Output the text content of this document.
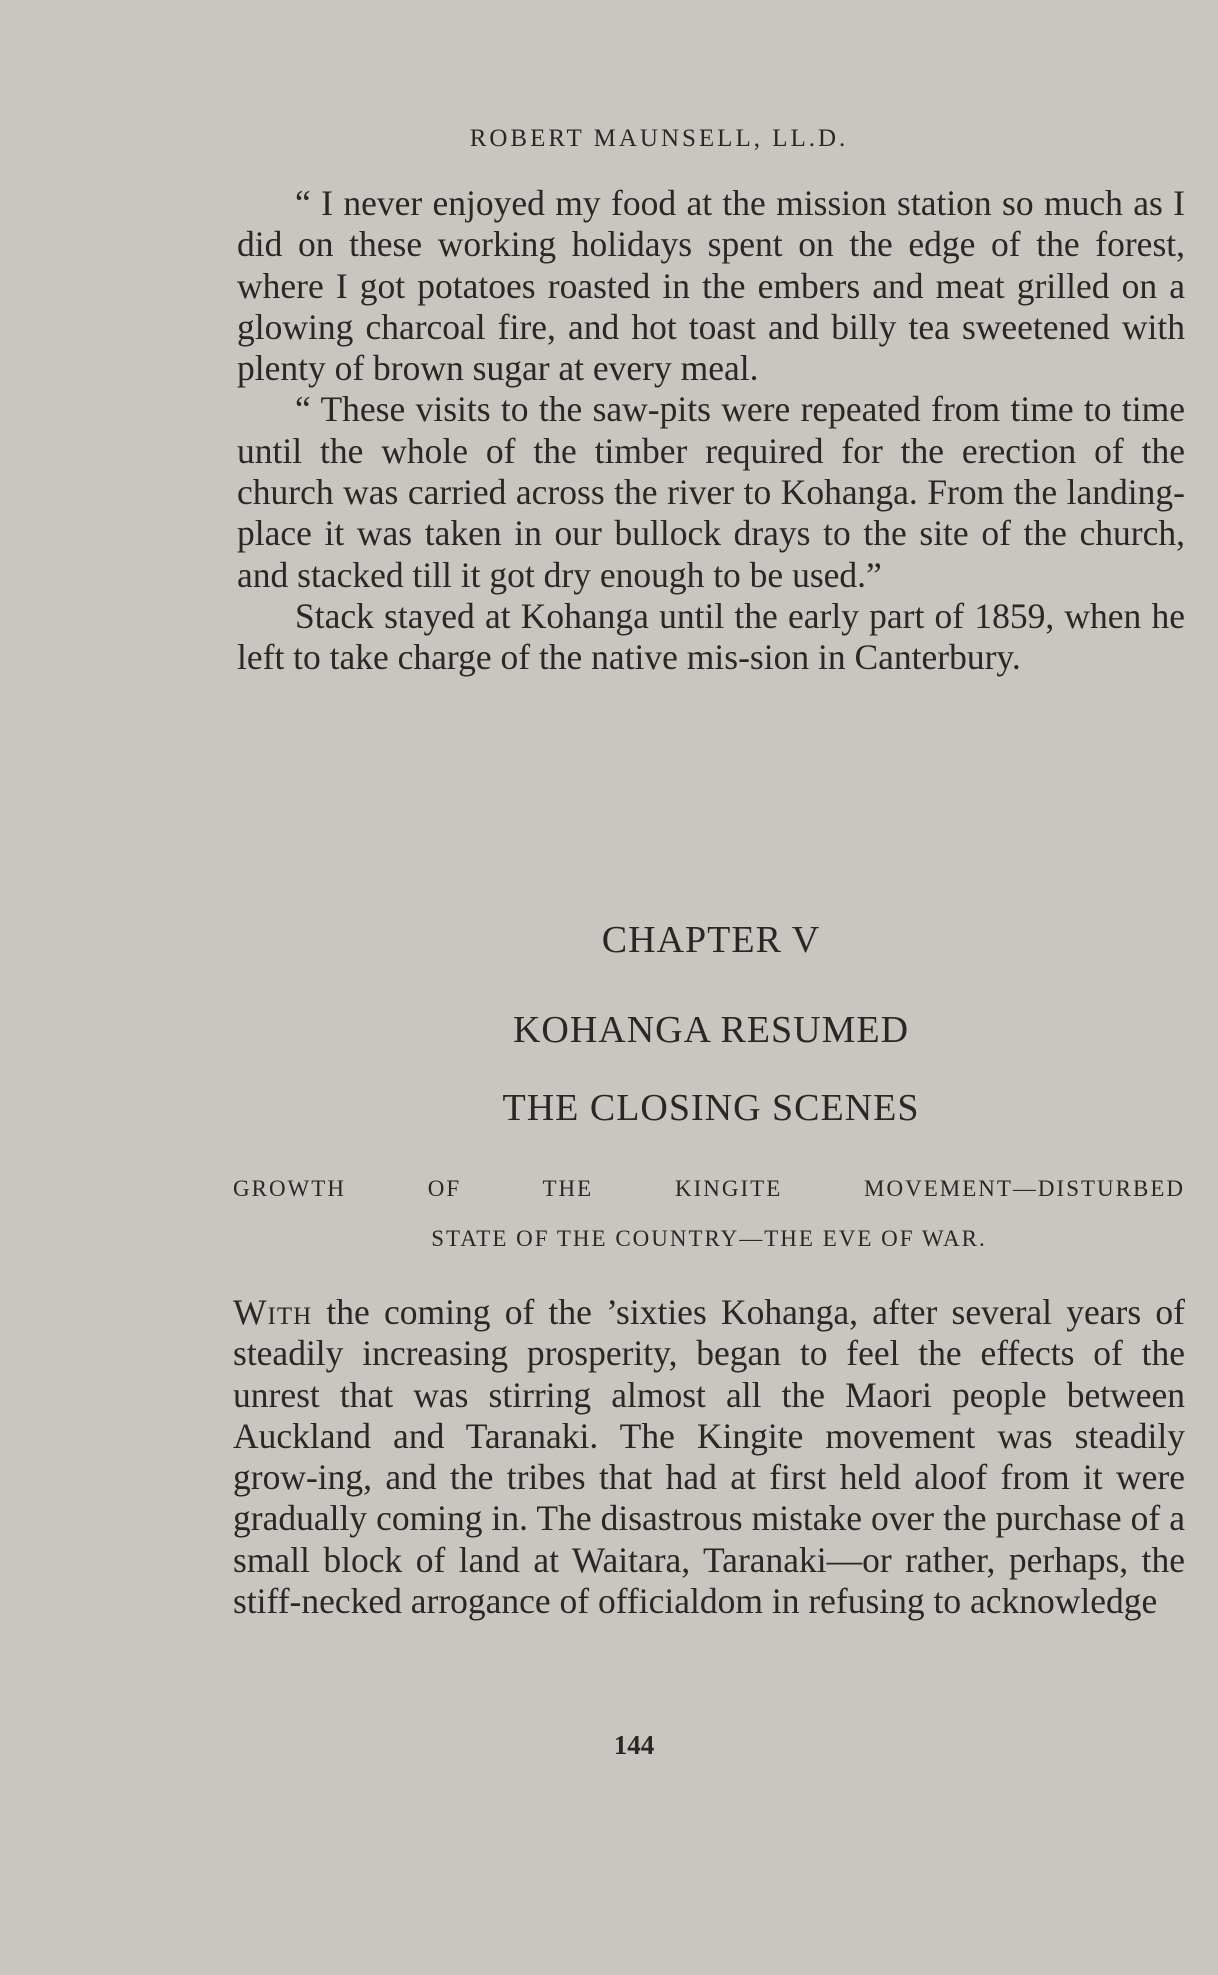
ROBERT MAUNSELL, LL.D.

“ I never enjoyed my food at the mission station so much as I did on these working holidays spent on the edge of the forest, where I got potatoes roasted in the embers and meat grilled on a glowing charcoal fire, and hot toast and billy tea sweetened with plenty of brown sugar at every meal.

“ These visits to the saw-pits were repeated from time to time until the whole of the timber required for the erection of the church was carried across the river to Kohanga. From the landing-place it was taken in our bullock drays to the site of the church, and stacked till it got dry enough to be used.”

Stack stayed at Kohanga until the early part of 1859, when he left to take charge of the native mis-sion in Canterbury.

CHAPTER V
KOHANGA RESUMED
THE CLOSING SCENES
GROWTH OF THE KINGITE MOVEMENT—DISTURBED
STATE OF THE COUNTRY—THE EVE OF WAR.

With the coming of the ’sixties Kohanga, after several years of steadily increasing prosperity, began to feel the effects of the unrest that was stirring almost all the Maori people between Auckland and Taranaki. The Kingite movement was steadily grow-ing, and the tribes that had at first held aloof from it were gradually coming in. The disastrous mistake over the purchase of a small block of land at Waitara, Taranaki—or rather, perhaps, the stiff-necked arrogance of officialdom in refusing to acknowledge

144
